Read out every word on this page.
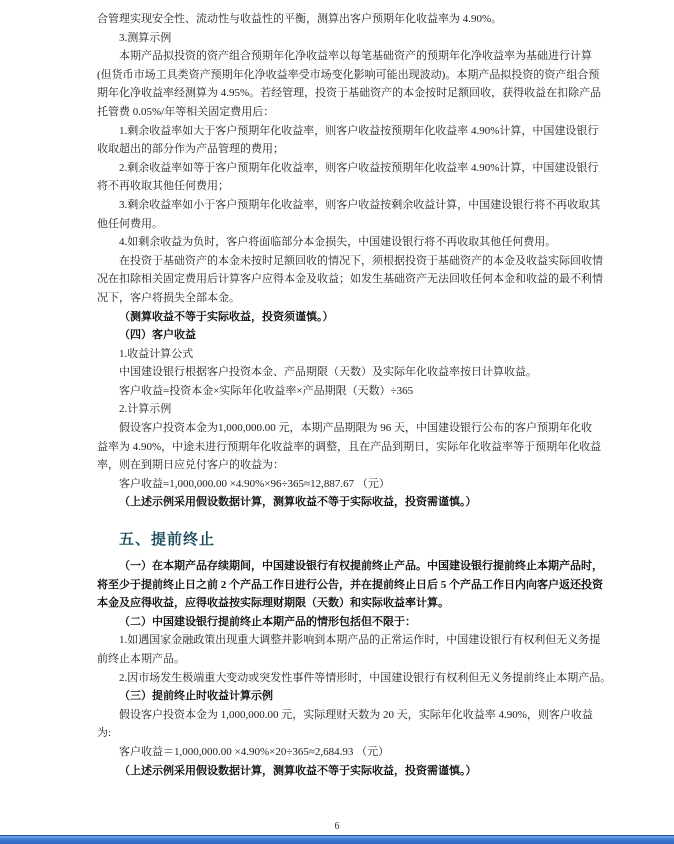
合管理实现安全性、流动性与收益性的平衡，测算出客户预期年化收益率为 4.90%。
3.测算示例
本期产品拟投资的资产组合预期年化净收益率以每笔基础资产的预期年化净收益率为基础进行计算
(但货币市场工具类资产预期年化净收益率受市场变化影响可能出现波动)。本期产品拟投资的资产组合预
期年化净收益率经测算为 4.95%。若经管理，投资于基础资产的本金按时足额回收，获得收益在扣除产品
托管费 0.05%/年等相关固定费用后：
1.剩余收益率如大于客户预期年化收益率，则客户收益按预期年化收益率 4.90%计算，中国建设银行
收取超出的部分作为产品管理的费用；
2.剩余收益率如等于客户预期年化收益率，则客户收益按预期年化收益率 4.90%计算，中国建设银行
将不再收取其他任何费用；
3.剩余收益率如小于客户预期年化收益率，则客户收益按剩余收益计算，中国建设银行将不再收取其
他任何费用。
4.如剩余收益为负时，客户将面临部分本金损失，中国建设银行将不再收取其他任何费用。
在投资于基础资产的本金未按时足额回收的情况下，须根据投资于基础资产的本金及收益实际回收情
况在扣除相关固定费用后计算客户应得本金及收益；如发生基础资产无法回收任何本金和收益的最不利情
况下，客户将损失全部本金。
（测算收益不等于实际收益，投资须谨慎。）
（四）客户收益
1.收益计算公式
中国建设银行根据客户投资本金、产品期限（天数）及实际年化收益率按日计算收益。
客户收益=投资本金×实际年化收益率×产品期限（天数）÷365
2.计算示例
假设客户投资本金为1,000,000.00 元，本期产品期限为 96 天，中国建设银行公布的客户预期年化收
益率为 4.90%，中途未进行预期年化收益率的调整，且在产品到期日，实际年化收益率等于预期年化收益
率，则在到期日应兑付客户的收益为：
客户收益=1,000,000.00 ×4.90%×96÷365≈12,887.67 （元）
（上述示例采用假设数据计算，测算收益不等于实际收益，投资需谨慎。）
五、提前终止
（一）在本期产品存续期间，中国建设银行有权提前终止产品。中国建设银行提前终止本期产品时，
将至少于提前终止日之前 2 个产品工作日进行公告，并在提前终止日后 5 个产品工作日内向客户返还投资
本金及应得收益，应得收益按实际理财期限（天数）和实际收益率计算。
（二）中国建设银行提前终止本期产品的情形包括但不限于：
1.如遇国家金融政策出现重大调整并影响到本期产品的正常运作时，中国建设银行有权利但无义务提
前终止本期产品。
2.因市场发生极端重大变动或突发性事件等情形时，中国建设银行有权利但无义务提前终止本期产品。
（三）提前终止时收益计算示例
假设客户投资本金为 1,000,000.00 元，实际理财天数为 20 天，实际年化收益率 4.90%，则客户收益
为:
客户收益＝1,000,000.00 ×4.90%×20÷365≈2,684.93 （元）
（上述示例采用假设数据计算，测算收益不等于实际收益，投资需谨慎。）
6
